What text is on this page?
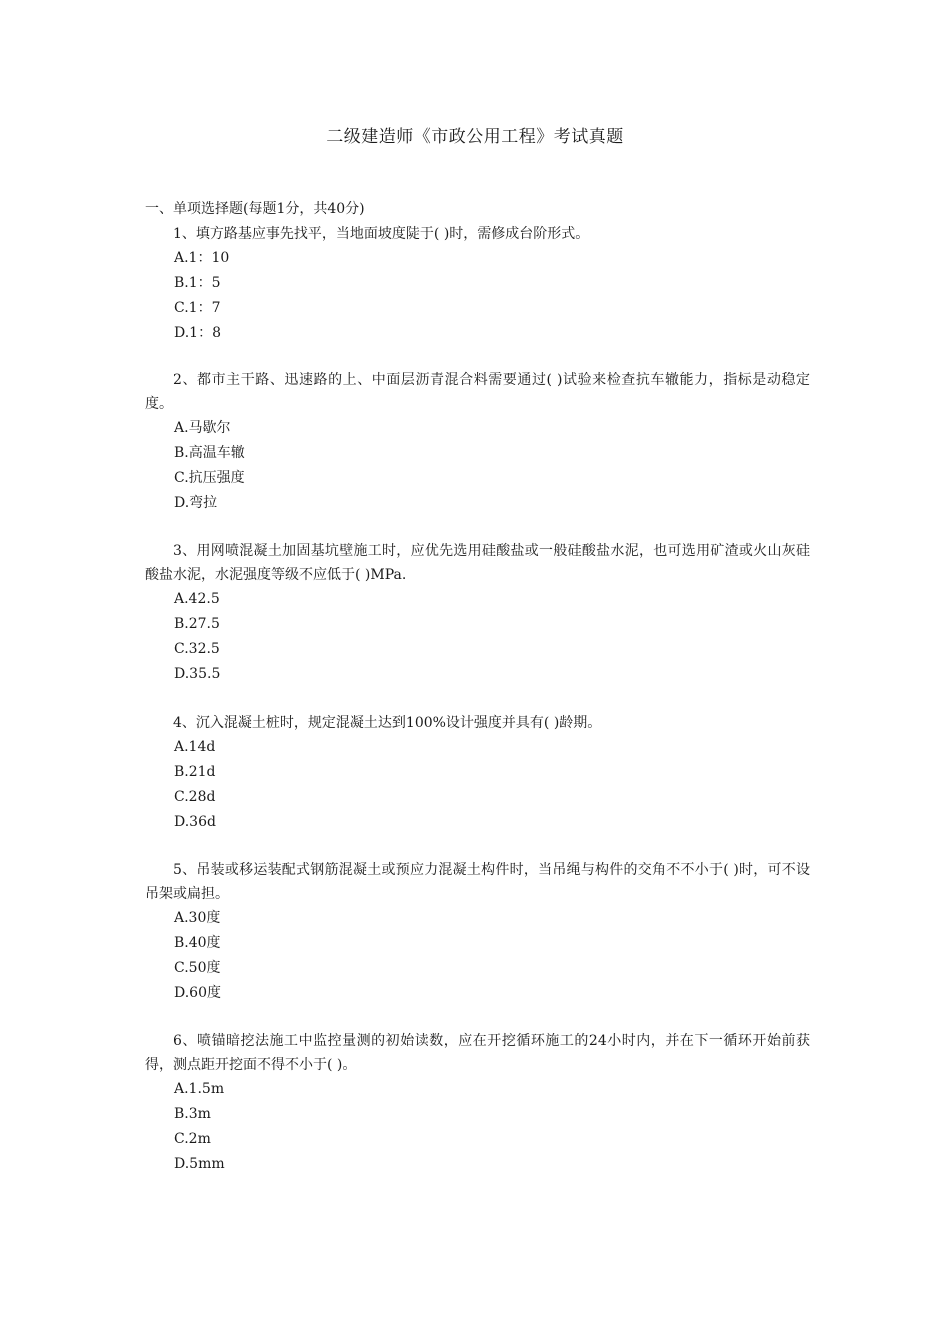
二级建造师《市政公用工程》考试真题
一、单项选择题(每题1分，共40分)

1、填方路基应事先找平，当地面坡度陡于( )时，需修成台阶形式。

A.1：10
B.1：5
C.1：7
D.1：8

2、都市主干路、迅速路的上、中面层沥青混合料需要通过( )试验来检查抗车辙能力，指标是动稳定度。

A.马歇尔
B.高温车辙
C.抗压强度
D.弯拉

3、用网喷混凝土加固基坑壁施工时，应优先选用硅酸盐或一般硅酸盐水泥，也可选用矿渣或火山灰硅酸盐水泥，水泥强度等级不应低于( )MPa.

A.42.5
B.27.5
C.32.5
D.35.5

4、沉入混凝土桩时，规定混凝土达到100%设计强度并具有( )龄期。

A.14d
B.21d
C.28d
D.36d

5、吊装或移运装配式钢筋混凝土或预应力混凝土构件时，当吊绳与构件的交角不不小于( )时，可不设吊架或扁担。

A.30度
B.40度
C.50度
D.60度

6、喷锚暗挖法施工中监控量测的初始读数，应在开挖循环施工的24小时内，并在下一循环开始前获得，测点距开挖面不得不小于( )。

A.1.5m
B.3m
C.2m
D.5mm
